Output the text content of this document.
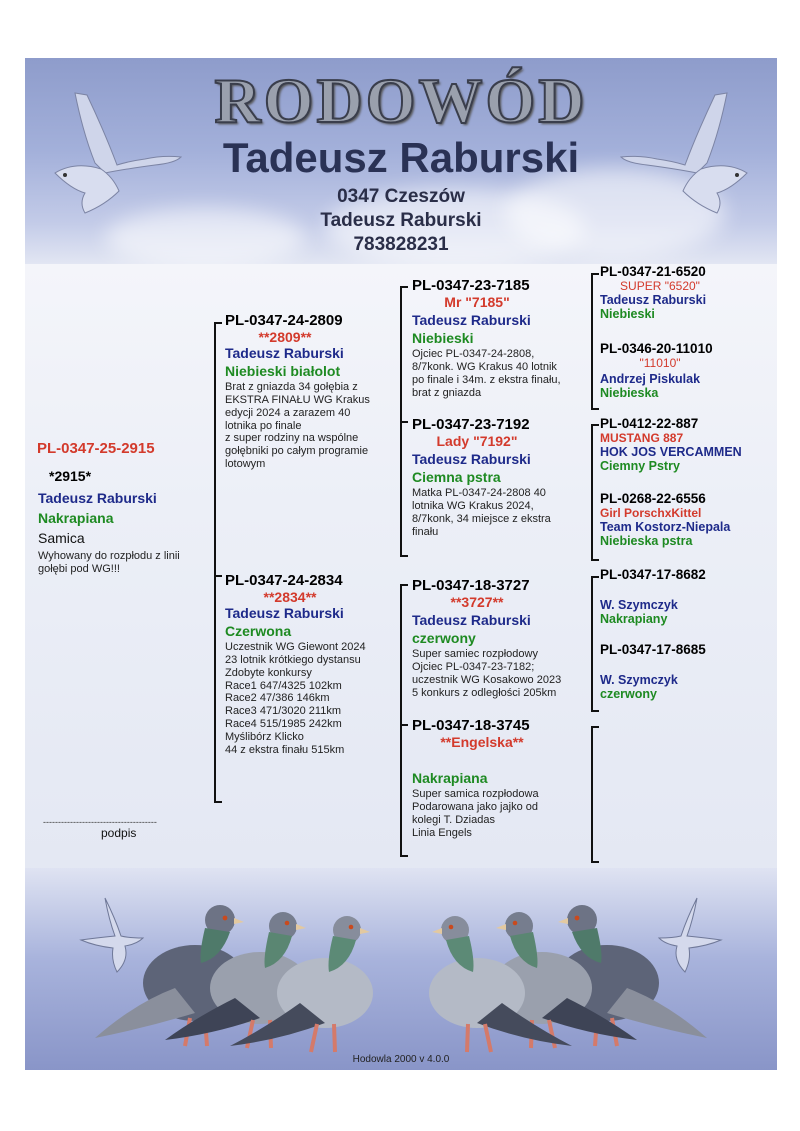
RODOWÓD
Tadeusz Raburski
0347 Czeszów
Tadeusz Raburski
783828231
PL-0347-25-2915
*2915*
Tadeusz Raburski
Nakrapiana
Samica
Wyhowany do rozpłodu z linii gołębi pod WG!!!
--------------------------------------
podpis
PL-0347-24-2809
**2809**
Tadeusz Raburski
Niebieski białolot
Brat z gniazda 34 gołębia z
EKSTRA FINAŁU WG Krakus
edycji 2024 a zarazem 40
lotnika po finale
z super rodziny na wspólne
gołębniki po całym programie
lotowym
PL-0347-24-2834
**2834**
Tadeusz Raburski
Czerwona
Uczestnik WG Giewont 2024
23 lotnik krótkiego dystansu
Zdobyte konkursy
Race1 647/4325 102km
Race2 47/386 146km
Race3 471/3020 211km
Race4 515/1985 242km
Myślibórz Klicko
44 z ekstra finału 515km
PL-0347-23-7185
Mr "7185"
Tadeusz Raburski
Niebieski
Ojciec PL-0347-24-2808,
8/7konk. WG Krakus 40 lotnik
po finale i 34m. z ekstra finału,
brat z gniazda
PL-0347-23-7192
Lady "7192"
Tadeusz Raburski
Ciemna pstra
Matka PL-0347-24-2808 40
lotnika WG Krakus 2024,
8/7konk, 34 miejsce z ekstra
finału
PL-0347-18-3727
**3727**
Tadeusz Raburski
czerwony
Super samiec rozpłodowy
Ojciec PL-0347-23-7182;
uczestnik WG Kosakowo 2023
5 konkurs z odległości 205km
PL-0347-18-3745
**Engelska**
Nakrapiana
Super samica rozpłodowa
Podarowana jako jajko od
kolegi T. Dziadas
Linia Engels
PL-0347-21-6520
SUPER "6520"
Tadeusz Raburski
Niebieski
PL-0346-20-11010
"11010"
Andrzej Piskulak
Niebieska
PL-0412-22-887
MUSTANG 887
HOK JOS VERCAMMEN
Ciemny Pstry
PL-0268-22-6556
Girl PorschxKittel
Team Kostorz-Niepala
Niebieska pstra
PL-0347-17-8682
W. Szymczyk
Nakrapiany
PL-0347-17-8685
W. Szymczyk
czerwony
Hodowla 2000 v 4.0.0
